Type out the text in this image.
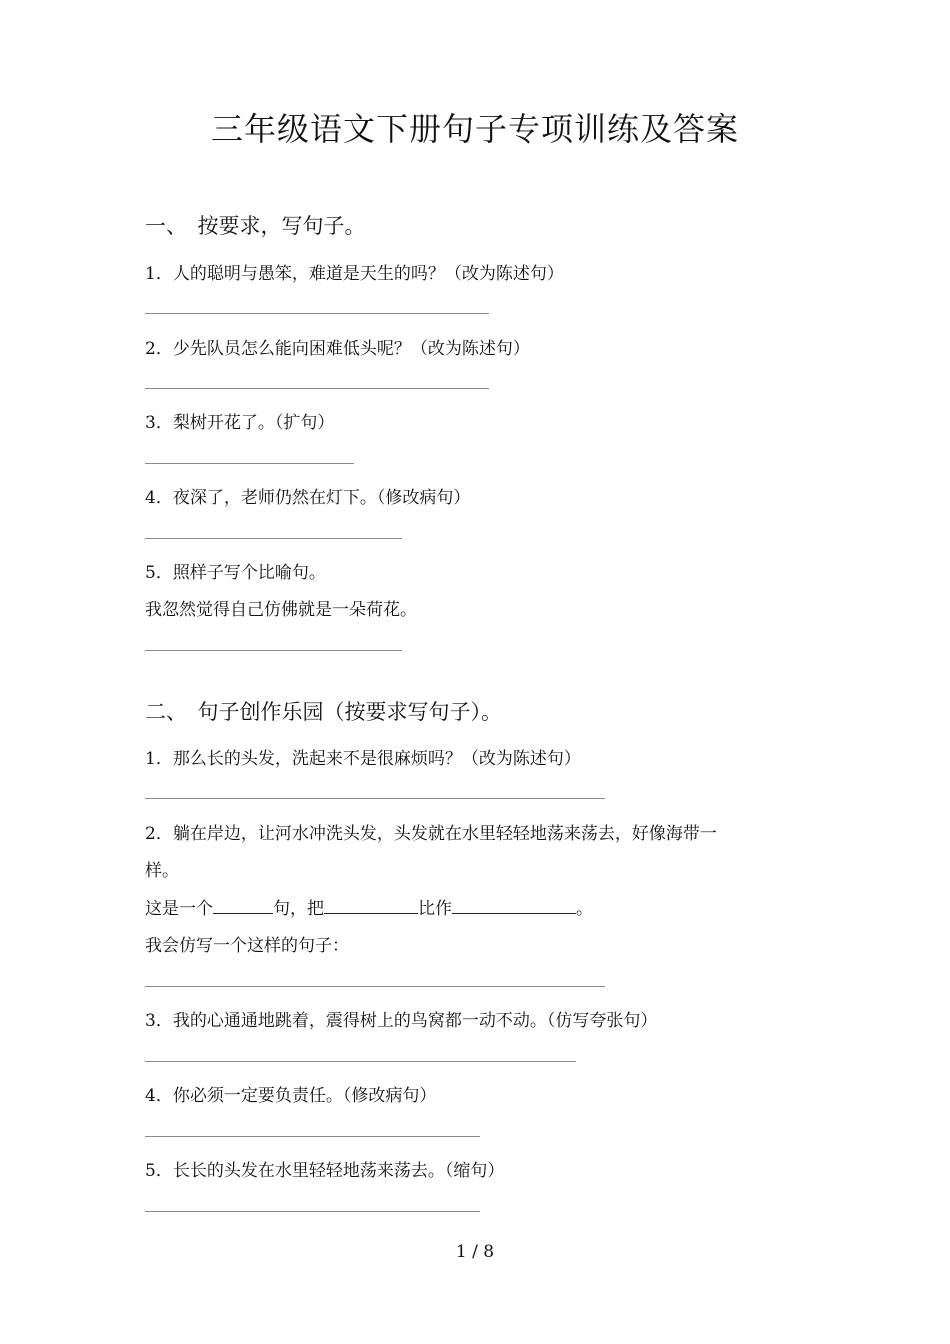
三年级语文下册句子专项训练及答案
一、　按要求，写句子。
1．人的聪明与愚笨，难道是天生的吗？（改为陈述句）
2．少先队员怎么能向困难低头呢？（改为陈述句）
3．梨树开花了。（扩句）
4．夜深了，老师仍然在灯下。（修改病句）
5．照样子写个比喻句。
我忽然觉得自己仿佛就是一朵荷花。
二、　句子创作乐园（按要求写句子）。
1．那么长的头发，洗起来不是很麻烦吗？（改为陈述句）
2．躺在岸边，让河水冲洗头发，头发就在水里轻轻地荡来荡去，好像海带一
样。
这是一个	句，把	比作	。
我会仿写一个这样的句子：
3．我的心通通地跳着，震得树上的鸟窝都一动不动。（仿写夸张句）
4．你必须一定要负责任。（修改病句）
5．长长的头发在水里轻轻地荡来荡去。（缩句）
1 / 8
